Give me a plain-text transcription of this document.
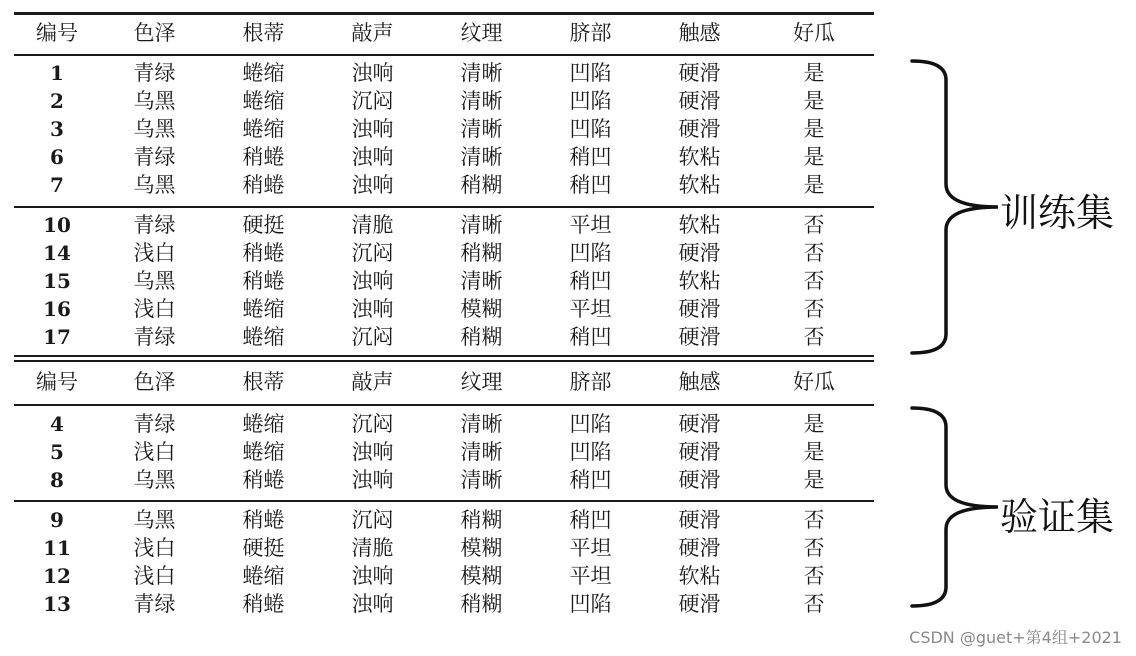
编号	色泽	根蒂	敲声	纹理	脐部	触感	好瓜
1	青绿	蜷缩	浊响	清晰	凹陷	硬滑	是
2	乌黑	蜷缩	沉闷	清晰	凹陷	硬滑	是
3	乌黑	蜷缩	浊响	清晰	凹陷	硬滑	是
6	青绿	稍蜷	浊响	清晰	稍凹	软粘	是
7	乌黑	稍蜷	浊响	稍糊	稍凹	软粘	是
10	青绿	硬挺	清脆	清晰	平坦	软粘	否
14	浅白	稍蜷	沉闷	稍糊	凹陷	硬滑	否
15	乌黑	稍蜷	浊响	清晰	稍凹	软粘	否
16	浅白	蜷缩	浊响	模糊	平坦	硬滑	否
17	青绿	蜷缩	沉闷	稍糊	稍凹	硬滑	否
编号	色泽	根蒂	敲声	纹理	脐部	触感	好瓜
4	青绿	蜷缩	沉闷	清晰	凹陷	硬滑	是
5	浅白	蜷缩	浊响	清晰	凹陷	硬滑	是
8	乌黑	稍蜷	浊响	清晰	稍凹	硬滑	是
9	乌黑	稍蜷	沉闷	稍糊	稍凹	硬滑	否
11	浅白	硬挺	清脆	模糊	平坦	硬滑	否
12	浅白	蜷缩	浊响	模糊	平坦	软粘	否
13	青绿	稍蜷	浊响	稍糊	凹陷	硬滑	否
训练集
验证集
CSDN @guet+第4组+2021
